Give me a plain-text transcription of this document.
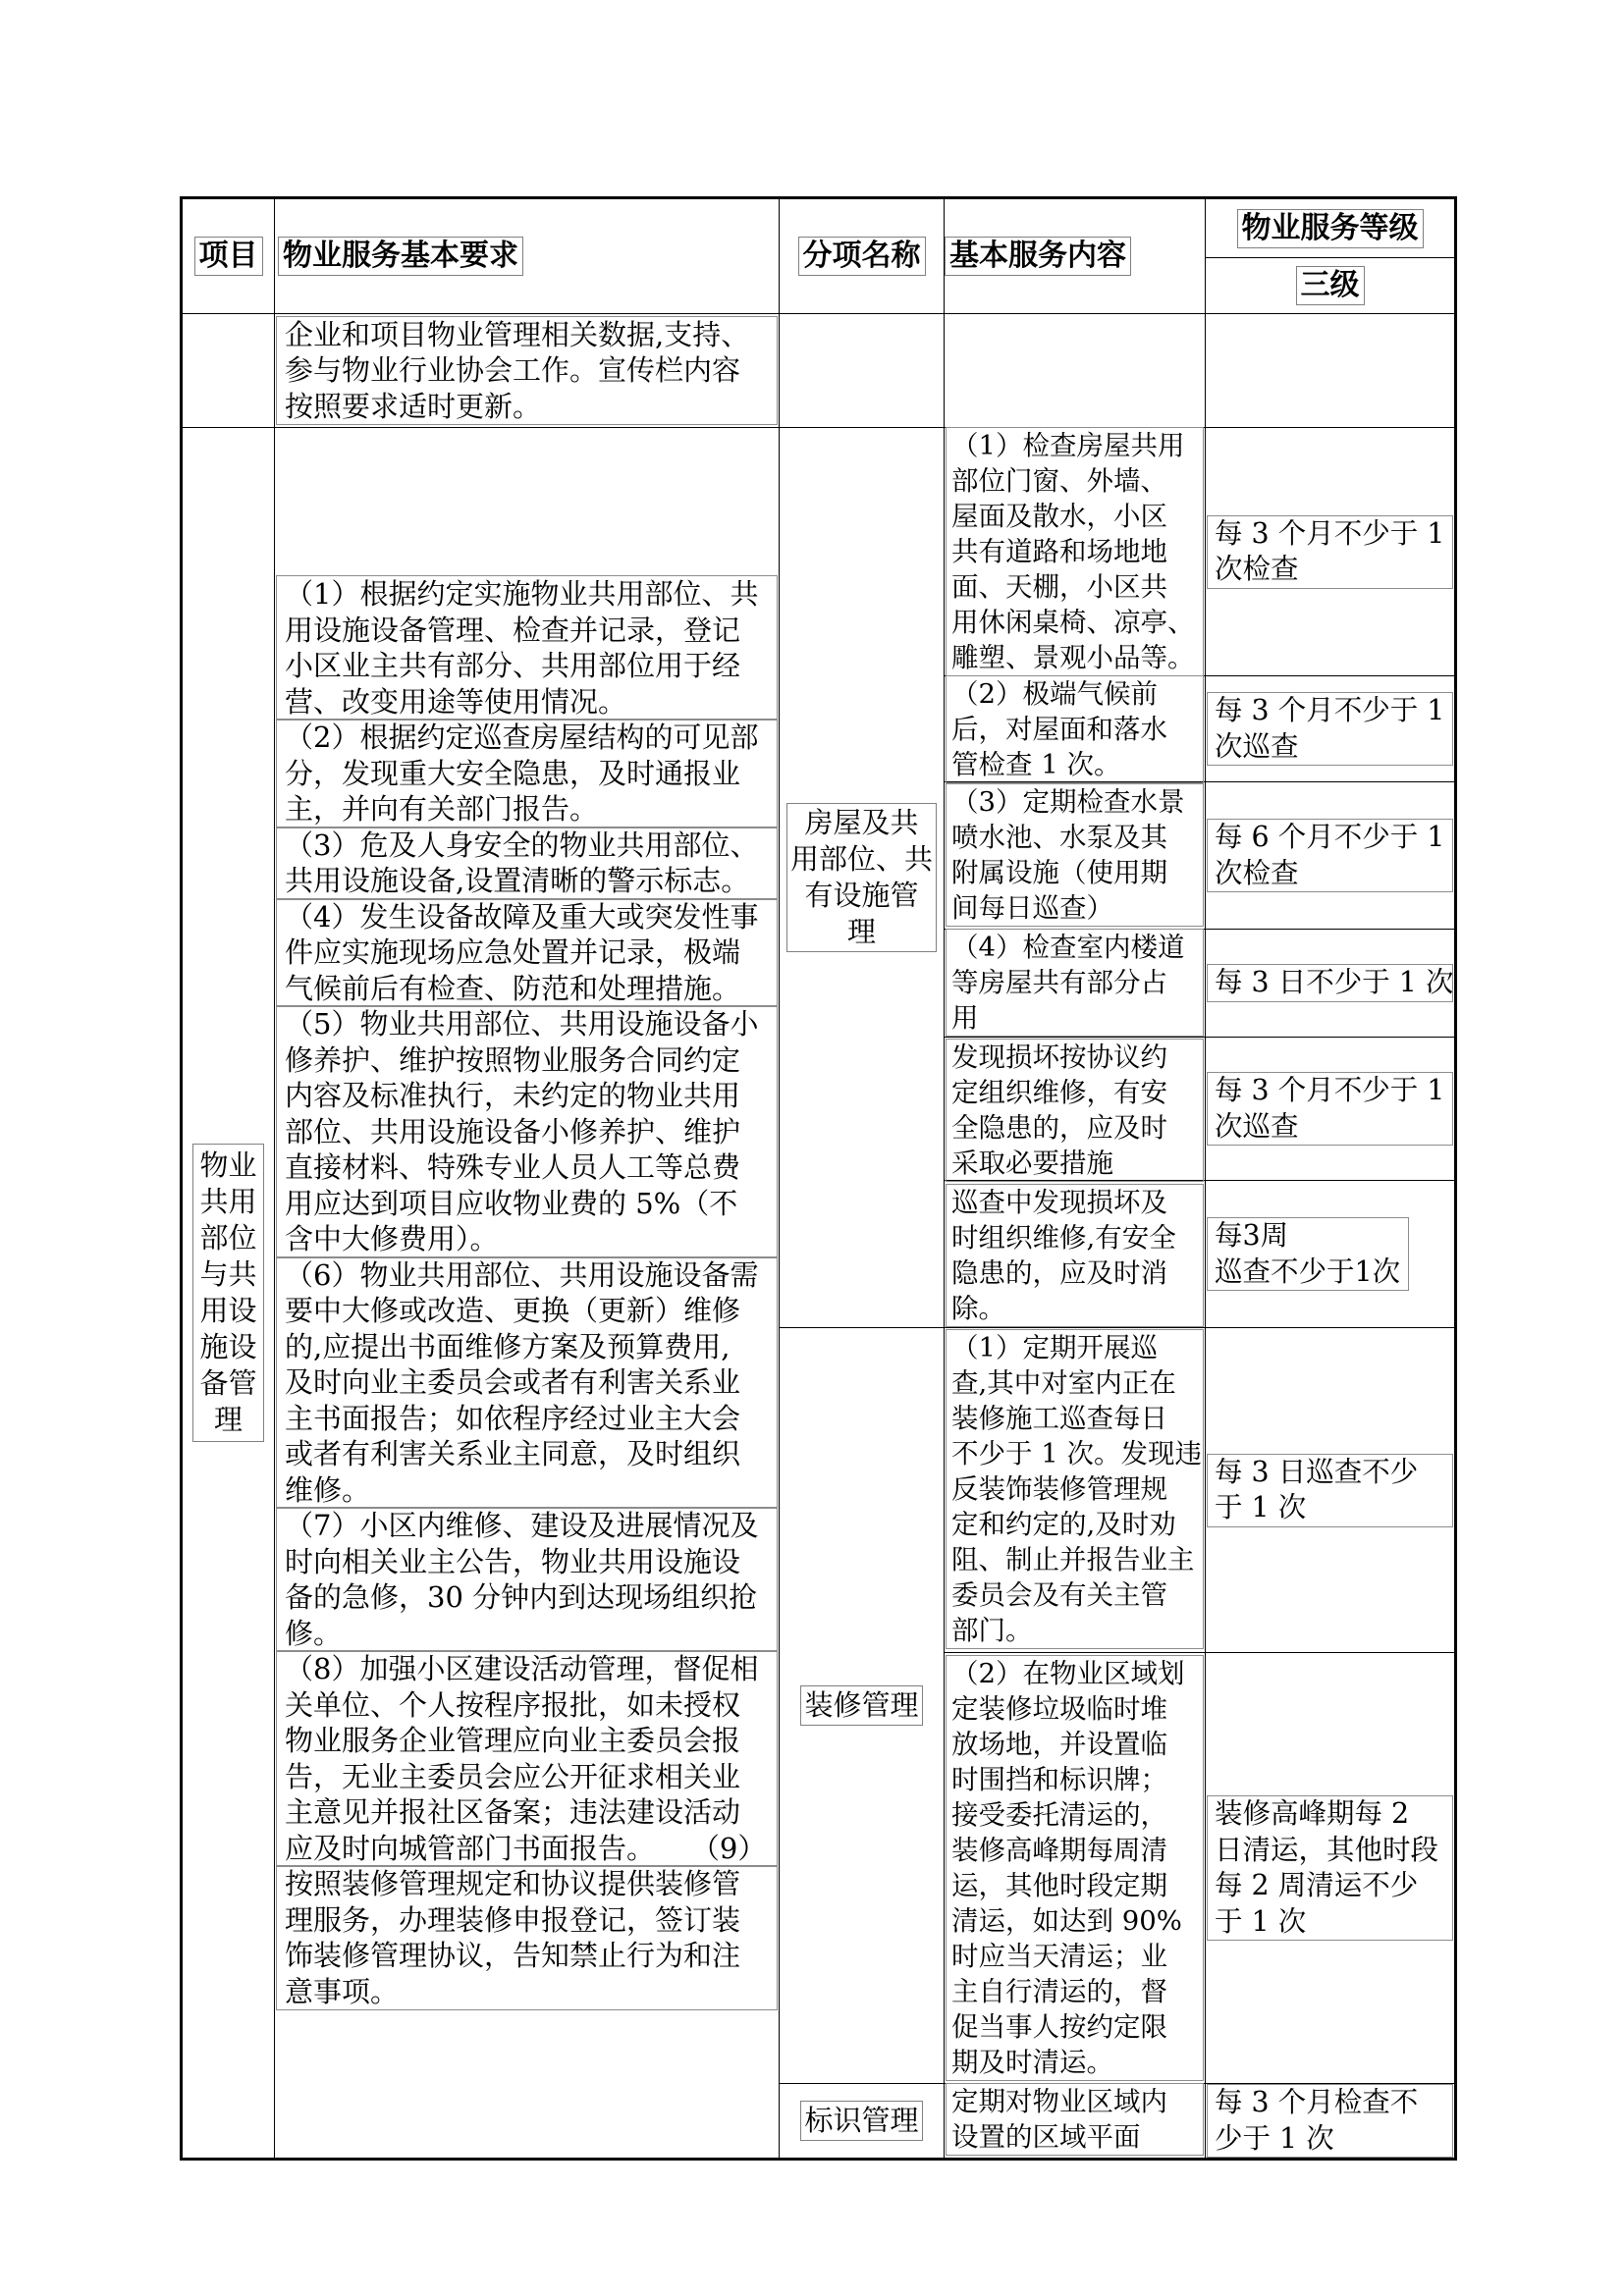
项目 物业服务基本要求	分项名称 基本服务内容
物业服务等级
三级
企业和项目物业管理相关数据,支持、
参与物业行业协会工作。宣传栏内容
按照要求适时更新。
物业
共用
部位
与共
用设
施设
备管
理
（1）根据约定实施物业共用部位、共
用设施设备管理、检查并记录，登记
小区业主共有部分、共用部位用于经
营、改变用途等使用情况。
（2）根据约定巡查房屋结构的可见部
分，发现重大安全隐患，及时通报业
主，并向有关部门报告。
（3）危及人身安全的物业共用部位、
共用设施设备,设置清晰的警示标志。
（4）发生设备故障及重大或突发性事
件应实施现场应急处置并记录，极端
气候前后有检查、防范和处理措施。
（5）物业共用部位、共用设施设备小
修养护、维护按照物业服务合同约定
内容及标准执行，未约定的物业共用
部位、共用设施设备小修养护、维护
直接材料、特殊专业人员人工等总费
用应达到项目应收物业费的 5%（不
含中大修费用）。
（6）物业共用部位、共用设施设备需
要中大修或改造、更换（更新）维修
的,应提出书面维修方案及预算费用,
及时向业主委员会或者有利害关系业
主书面报告；如依程序经过业主大会
或者有利害关系业主同意，及时组织
维修。
（7）小区内维修、建设及进展情况及
时向相关业主公告，物业共用设施设
备的急修，30 分钟内到达现场组织抢
修。
（8）加强小区建设活动管理，督促相
关单位、个人按程序报批，如未授权
物业服务企业管理应向业主委员会报
告，无业主委员会应公开征求相关业
主意见并报社区备案；违法建设活动
应及时向城管部门书面报告。    （9）
按照装修管理规定和协议提供装修管
理服务，办理装修申报登记，签订装
饰装修管理协议，告知禁止行为和注
意事项。
房屋及共
用部位、共
有设施管
理
装修管理
标识管理
（1）检查房屋共用
部位门窗、外墙、
屋面及散水，小区
共有道路和场地地
面、天棚，小区共
用休闲桌椅、凉亭、
雕塑、景观小品等。
每 3 个月不少于 1
次检查
（2）极端气候前
后，对屋面和落水
管检查 1 次。
每 3 个月不少于 1
次巡查
（3）定期检查水景
喷水池、水泵及其
附属设施（使用期
间每日巡查）
每 6 个月不少于 1
次检查
（4）检查室内楼道
等房屋共有部分占
用
每 3 日不少于 1 次
发现损坏按协议约
定组织维修，有安
全隐患的，应及时
采取必要措施
每 3 个月不少于 1
次巡查
巡查中发现损坏及
时组织维修,有安全
隐患的，应及时消
除。
每3周
巡查不少于1次
（1）定期开展巡
查,其中对室内正在
装修施工巡查每日
不少于 1 次。发现违
反装饰装修管理规
定和约定的,及时劝
阻、制止并报告业主
委员会及有关主管
部门。
每 3 日巡查不少
于 1 次
（2）在物业区域划
定装修垃圾临时堆
放场地，并设置临
时围挡和标识牌；
接受委托清运的，
装修高峰期每周清
运，其他时段定期
清运，如达到 90%
时应当天清运；业
主自行清运的，督
促当事人按约定限
期及时清运。
装修高峰期每 2
日清运，其他时段
每 2 周清运不少
于 1 次
定期对物业区域内
设置的区域平面
每 3 个月检查不
少于 1 次
